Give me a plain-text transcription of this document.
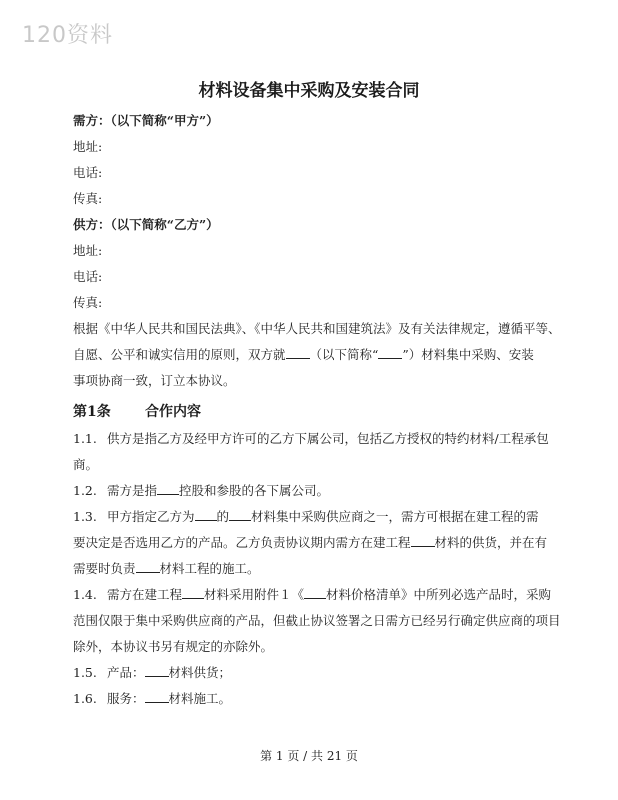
120资料
材料设备集中采购及安装合同
需方：（以下简称“甲方”）
地址:
电话:
传真:
供方：（以下简称“乙方”）
地址:
电话:
传真:
根据《中华人民共和国民法典》、《中华人民共和国建筑法》及有关法律规定，遵循平等、
自愿、公平和诚实信用的原则，双方就 （以下简称“ ”）材料集中采购、安装
事项协商一致，订立本协议。
第1条 合作内容
1.1. 供方是指乙方及经甲方许可的乙方下属公司，包括乙方授权的特约材料/工程承包
商。
1.2. 需方是指 控股和参股的各下属公司。
1.3. 甲方指定乙方为 的 材料集中采购供应商之一，需方可根据在建工程的需
要决定是否选用乙方的产品。乙方负责协议期内需方在建工程 材料的供货，并在有
需要时负责 材料工程的施工。
1.4. 需方在建工程 材料采用附件１《 材料价格清单》中所列必选产品时，采购
范围仅限于集中采购供应商的产品，但截止协议签署之日需方已经另行确定供应商的项目
除外，本协议书另有规定的亦除外。
1.5. 产品： 材料供货；
1.6. 服务： 材料施工。
第 1 页 / 共 21 页
